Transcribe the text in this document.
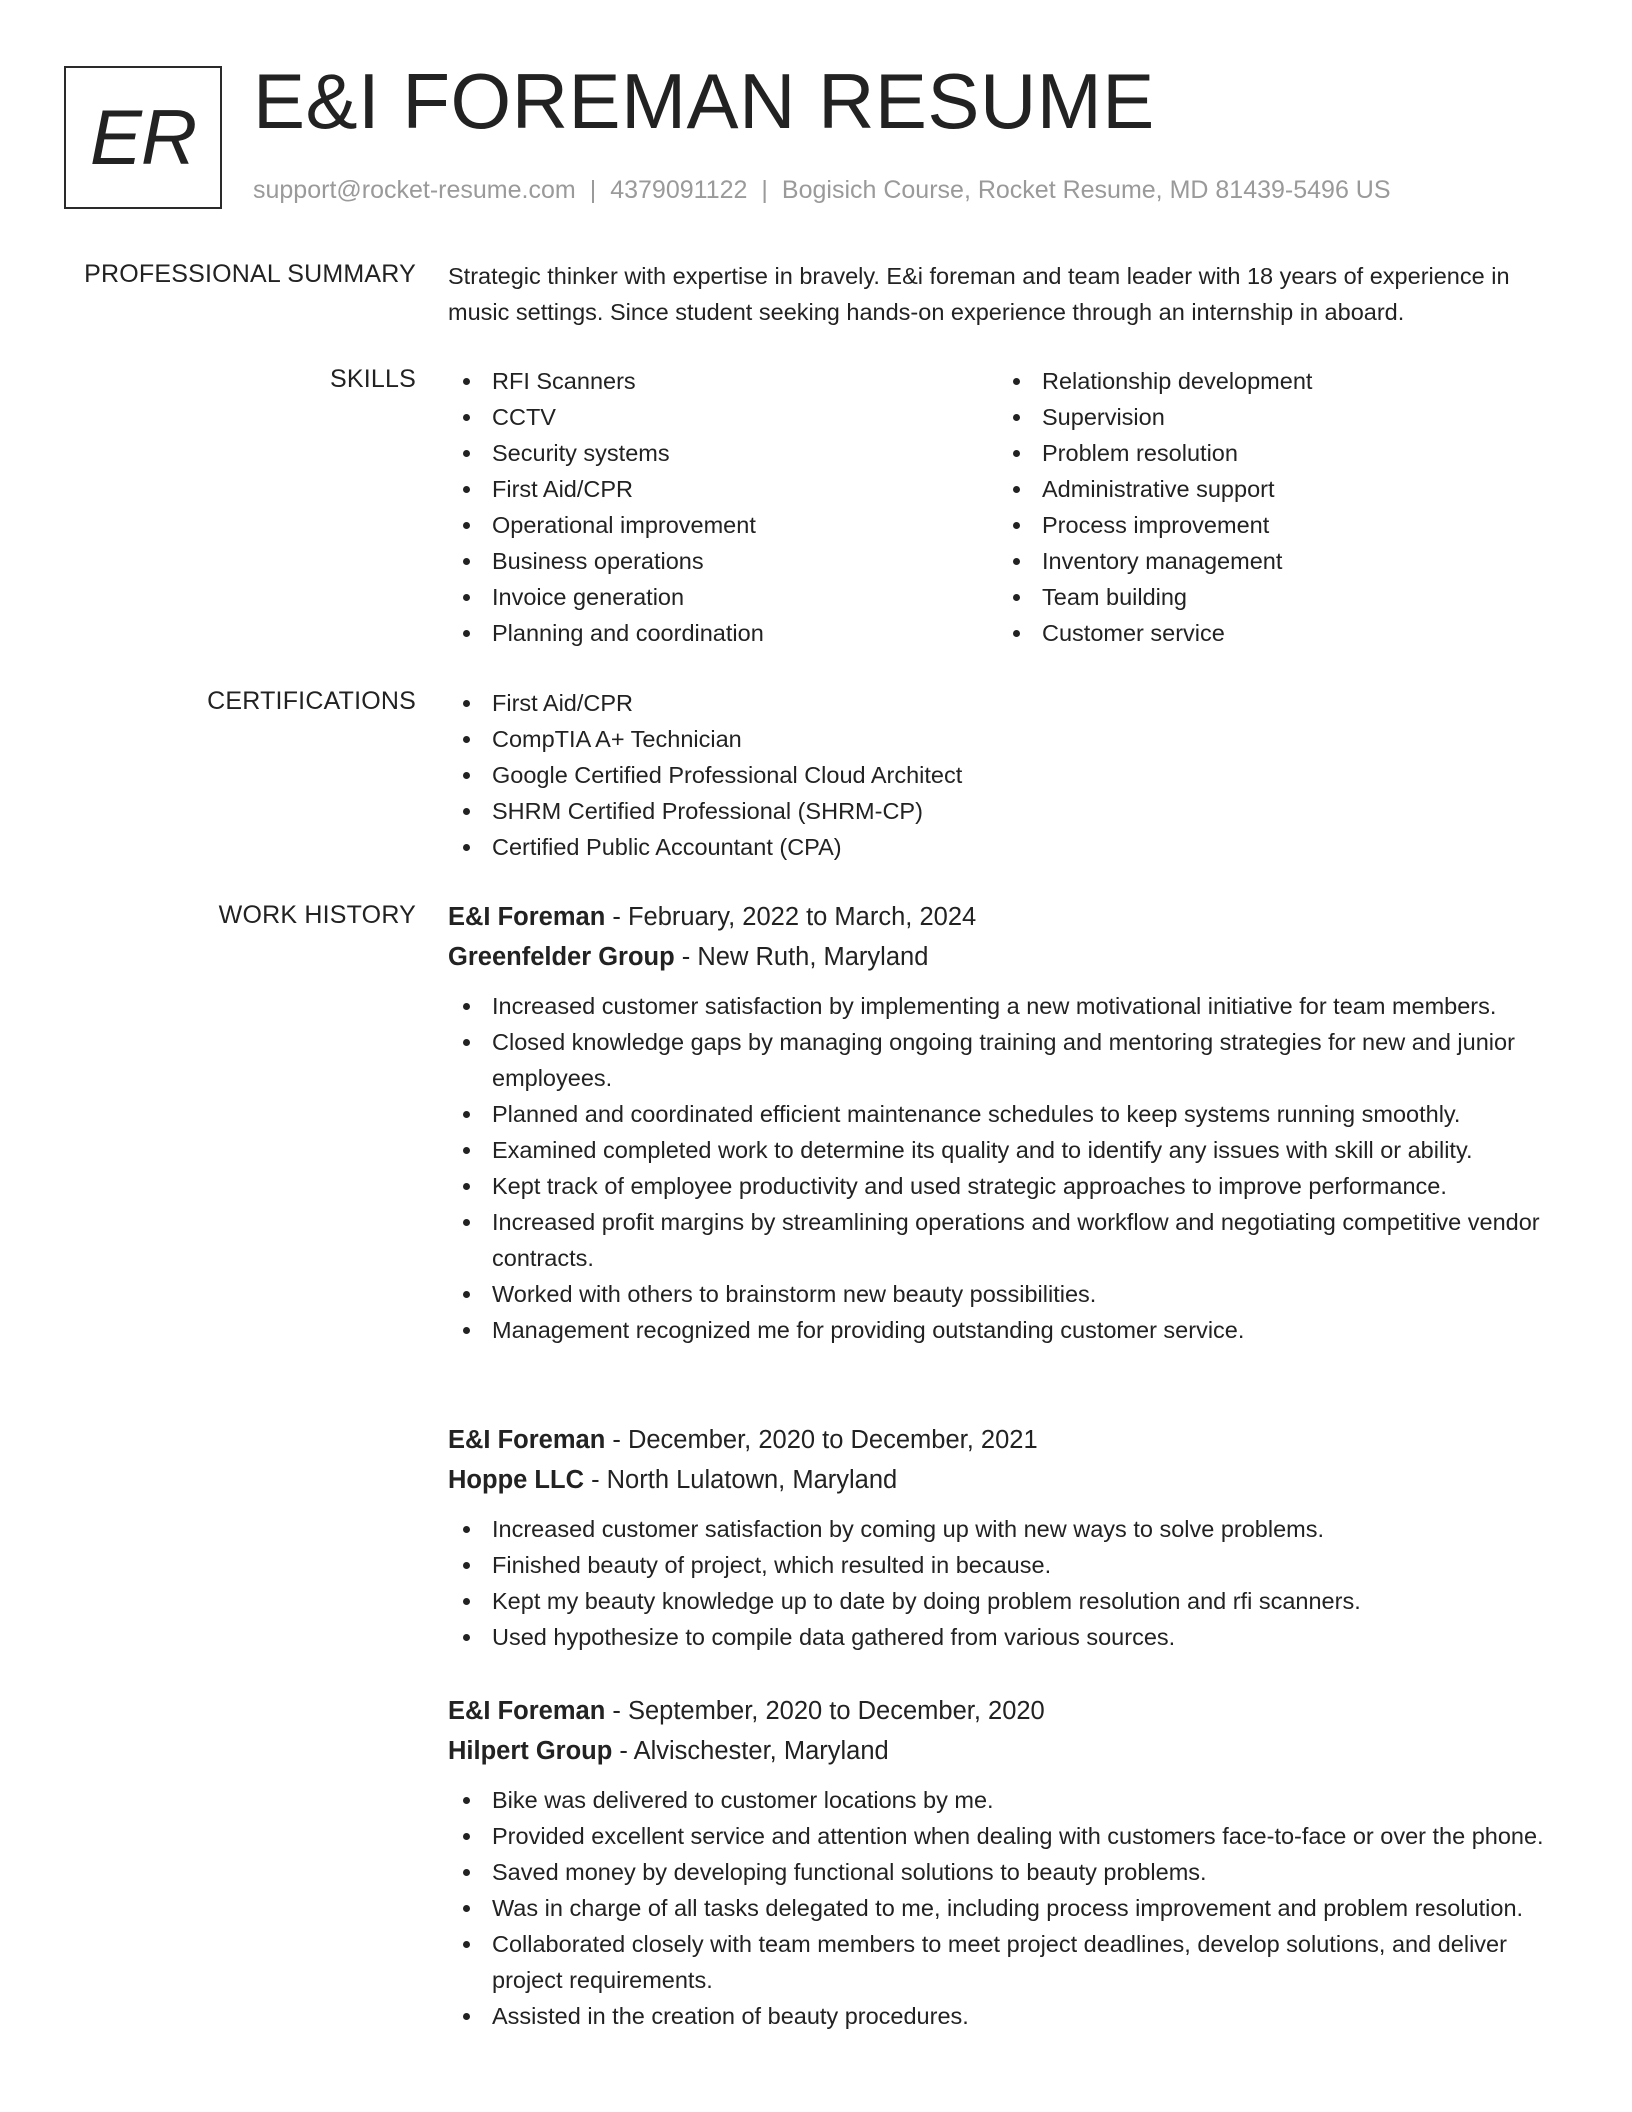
ER E&I FOREMAN RESUME
support@rocket-resume.com | 4379091122 | Bogisich Course, Rocket Resume, MD 81439-5496 US
PROFESSIONAL SUMMARY Strategic thinker with expertise in bravely. E&i foreman and team leader with 18 years of experience in music settings. Since student seeking hands-on experience through an internship in aboard.
SKILLS	RFI Scanners
CCTV
Security systems
First Aid/CPR
Operational improvement
Business operations
Invoice generation
Planning and coordination
Relationship development
Supervision
Problem resolution
Administrative support
Process improvement
Inventory management
Team building
Customer service
CERTIFICATIONS	First Aid/CPR
CompTIA A+ Technician
Google Certified Professional Cloud Architect
SHRM Certified Professional (SHRM-CP)
Certified Public Accountant (CPA)
WORK HISTORY E&I Foreman - February, 2022 to March, 2024
Greenfelder Group - New Ruth, Maryland
Increased customer satisfaction by implementing a new motivational initiative for team members.
Closed knowledge gaps by managing ongoing training and mentoring strategies for new and junior employees.
Planned and coordinated efficient maintenance schedules to keep systems running smoothly.
Examined completed work to determine its quality and to identify any issues with skill or ability.
Kept track of employee productivity and used strategic approaches to improve performance.
Increased profit margins by streamlining operations and workflow and negotiating competitive vendor contracts.
Worked with others to brainstorm new beauty possibilities.
Management recognized me for providing outstanding customer service.
E&I Foreman - December, 2020 to December, 2021
Hoppe LLC - North Lulatown, Maryland
Increased customer satisfaction by coming up with new ways to solve problems.
Finished beauty of project, which resulted in because.
Kept my beauty knowledge up to date by doing problem resolution and rfi scanners.
Used hypothesize to compile data gathered from various sources.
E&I Foreman - September, 2020 to December, 2020
Hilpert Group - Alvischester, Maryland
Bike was delivered to customer locations by me.
Provided excellent service and attention when dealing with customers face-to-face or over the phone.
Saved money by developing functional solutions to beauty problems.
Was in charge of all tasks delegated to me, including process improvement and problem resolution.
Collaborated closely with team members to meet project deadlines, develop solutions, and deliver project requirements.
Assisted in the creation of beauty procedures.
